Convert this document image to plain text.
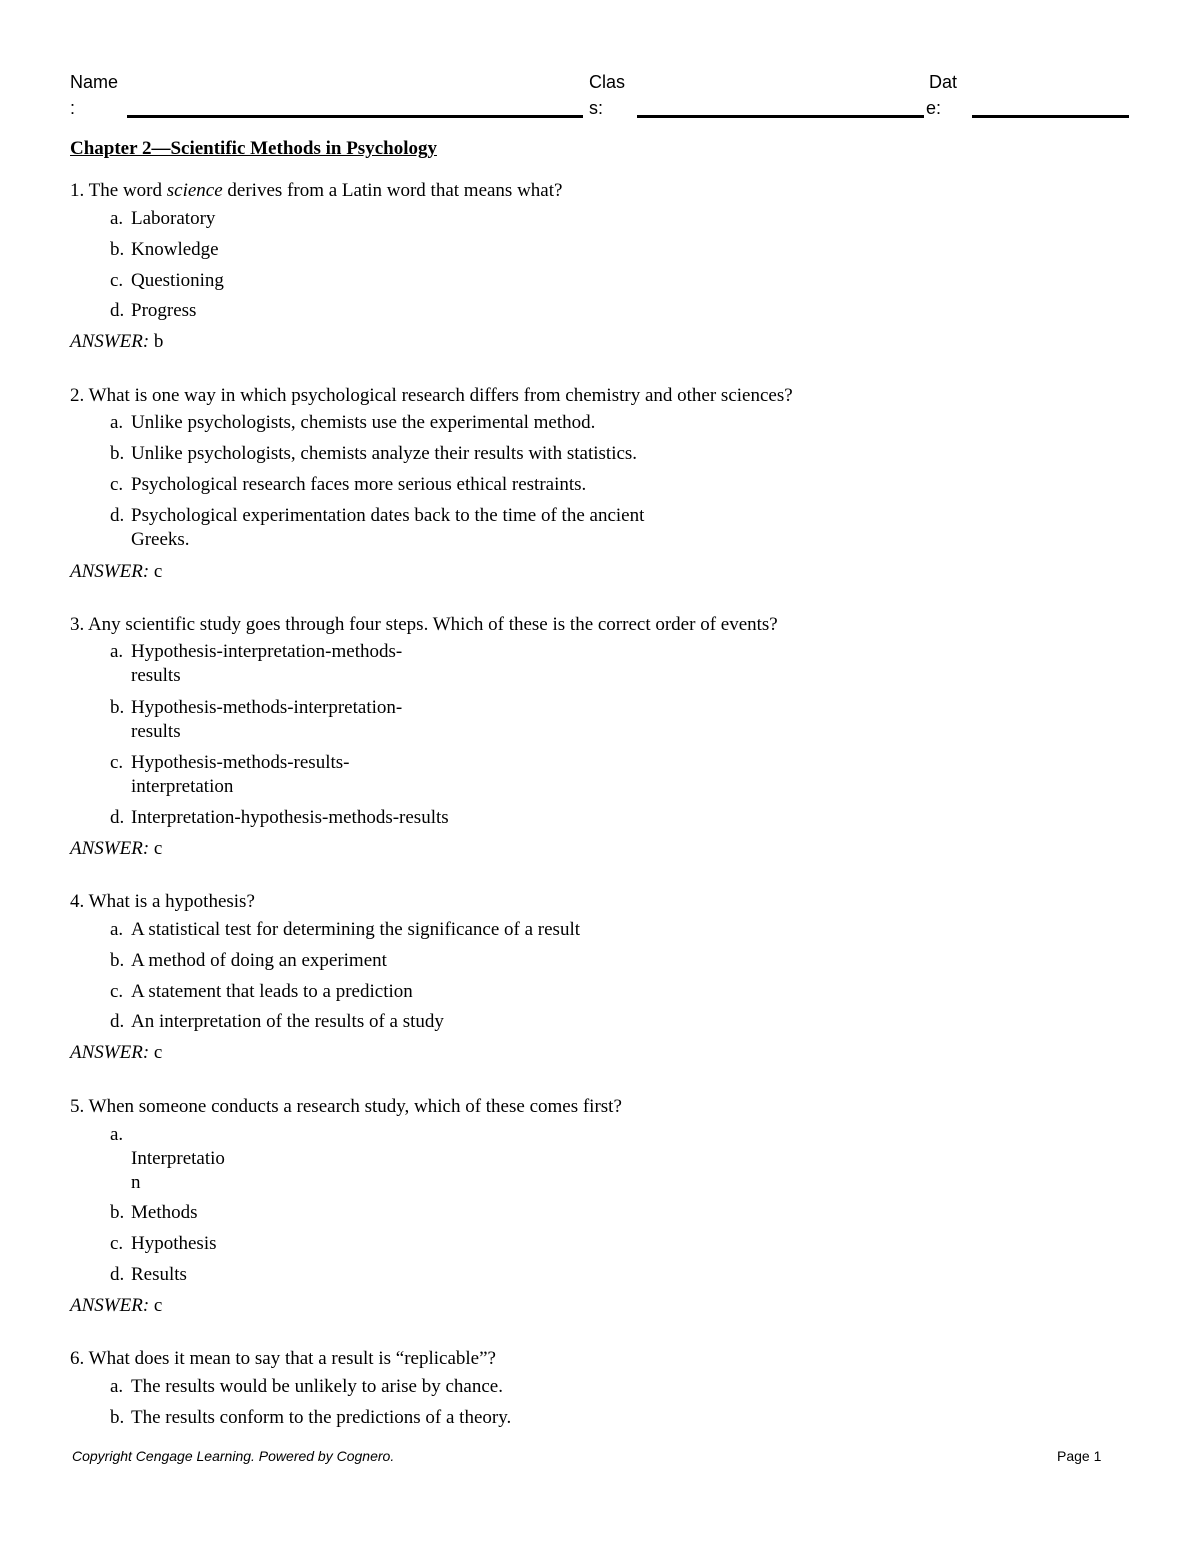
Name
:
Clas
s:
Dat
e:
Chapter 2—Scientific Methods in Psychology
1. The word science derives from a Latin word that means what?
a. Laboratory
b. Knowledge
c. Questioning
d. Progress
ANSWER: b
2. What is one way in which psychological research differs from chemistry and other sciences?
a. Unlike psychologists, chemists use the experimental method.
b. Unlike psychologists, chemists analyze their results with statistics.
c. Psychological research faces more serious ethical restraints.
d. Psychological experimentation dates back to the time of the ancient
Greeks.
ANSWER: c
3. Any scientific study goes through four steps. Which of these is the correct order of events?
a. Hypothesis-interpretation-methods-
results
b. Hypothesis-methods-interpretation-
results
c. Hypothesis-methods-results-
interpretation
d. Interpretation-hypothesis-methods-results
ANSWER: c
4. What is a hypothesis?
a. A statistical test for determining the significance of a result
b. A method of doing an experiment
c. A statement that leads to a prediction
d. An interpretation of the results of a study
ANSWER: c
5. When someone conducts a research study, which of these comes first?
a.
Interpretatio
n
b. Methods
c. Hypothesis
d. Results
ANSWER: c
6. What does it mean to say that a result is “replicable”?
a. The results would be unlikely to arise by chance.
b. The results conform to the predictions of a theory.
Copyright Cengage Learning. Powered by Cognero.	Page 1
